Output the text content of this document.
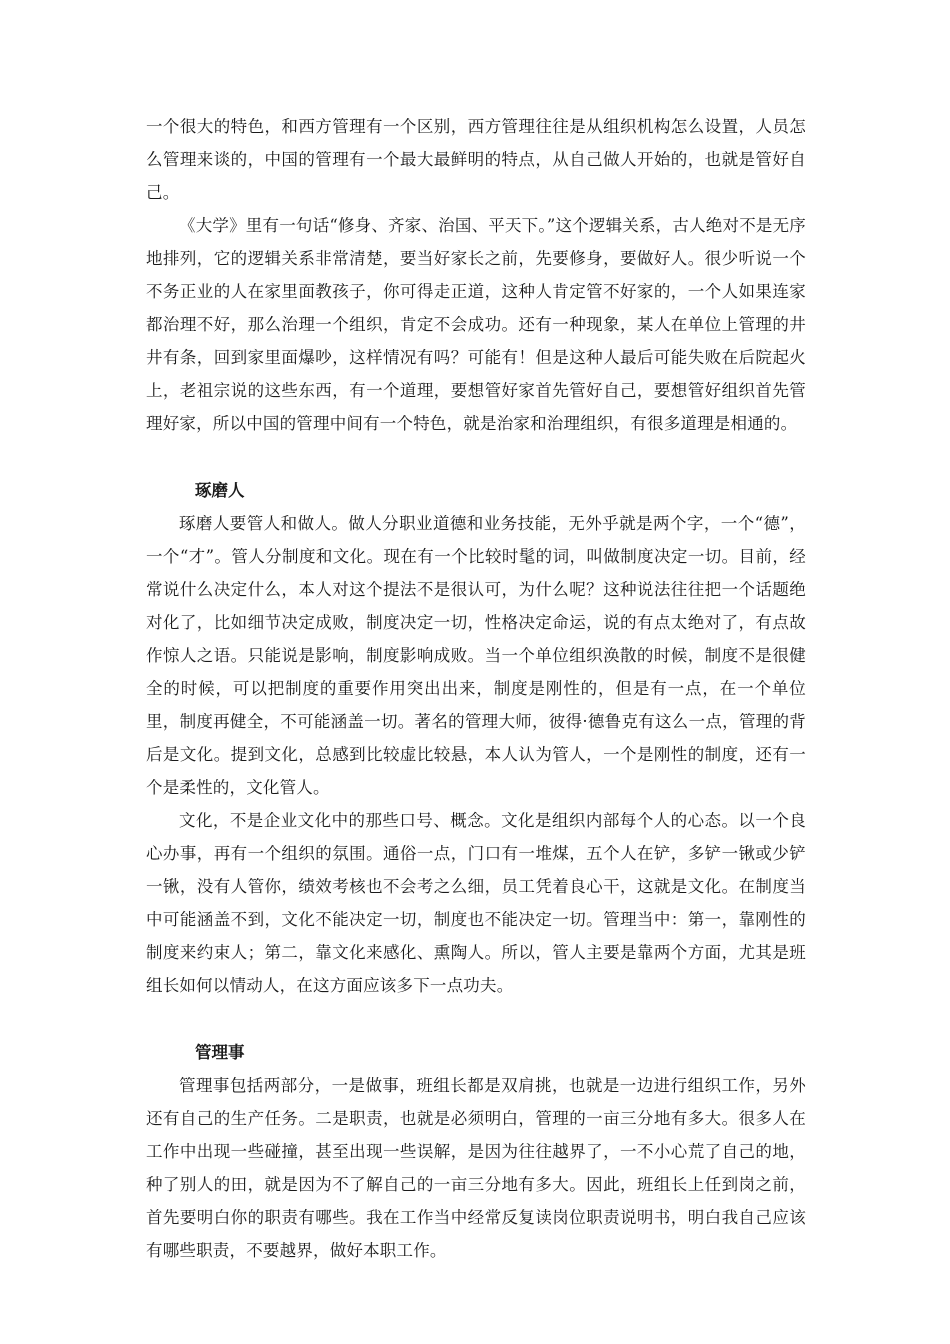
一个很大的特色，和西方管理有一个区别，西方管理往往是从组织机构怎么设置，人员怎么管理来谈的，中国的管理有一个最大最鲜明的特点，从自己做人开始的，也就是管好自己。

《大学》里有一句话“修身、齐家、治国、平天下。”这个逻辑关系，古人绝对不是无序地排列，它的逻辑关系非常清楚，要当好家长之前，先要修身，要做好人。很少听说一个不务正业的人在家里面教孩子，你可得走正道，这种人肯定管不好家的，一个人如果连家都治理不好，那么治理一个组织，肯定不会成功。还有一种现象，某人在单位上管理的井井有条，回到家里面爆吵，这样情况有吗？可能有！但是这种人最后可能失败在后院起火上，老祖宗说的这些东西，有一个道理，要想管好家首先管好自己，要想管好组织首先管理好家，所以中国的管理中间有一个特色，就是治家和治理组织，有很多道理是相通的。

琢磨人

琢磨人要管人和做人。做人分职业道德和业务技能，无外乎就是两个字，一个“德”，一个“才”。管人分制度和文化。现在有一个比较时髦的词，叫做制度决定一切。目前，经常说什么决定什么，本人对这个提法不是很认可，为什么呢？这种说法往往把一个话题绝对化了，比如细节决定成败，制度决定一切，性格决定命运，说的有点太绝对了，有点故作惊人之语。只能说是影响，制度影响成败。当一个单位组织涣散的时候，制度不是很健全的时候，可以把制度的重要作用突出出来，制度是刚性的，但是有一点，在一个单位里，制度再健全，不可能涵盖一切。著名的管理大师，彼得·德鲁克有这么一点，管理的背后是文化。提到文化，总感到比较虚比较悬，本人认为管人，一个是刚性的制度，还有一个是柔性的，文化管人。

文化，不是企业文化中的那些口号、概念。文化是组织内部每个人的心态。以一个良心办事，再有一个组织的氛围。通俗一点，门口有一堆煤，五个人在铲，多铲一锹或少铲一锹，没有人管你，绩效考核也不会考之么细，员工凭着良心干，这就是文化。在制度当中可能涵盖不到，文化不能决定一切，制度也不能决定一切。管理当中：第一，靠刚性的制度来约束人；第二，靠文化来感化、熏陶人。所以，管人主要是靠两个方面，尤其是班组长如何以情动人，在这方面应该多下一点功夫。

管理事

管理事包括两部分，一是做事，班组长都是双肩挑，也就是一边进行组织工作，另外还有自己的生产任务。二是职责，也就是必须明白，管理的一亩三分地有多大。很多人在工作中出现一些碰撞，甚至出现一些误解，是因为往往越界了，一不小心荒了自己的地，种了别人的田，就是因为不了解自己的一亩三分地有多大。因此，班组长上任到岗之前，首先要明白你的职责有哪些。我在工作当中经常反复读岗位职责说明书，明白我自己应该有哪些职责，不要越界，做好本职工作。
